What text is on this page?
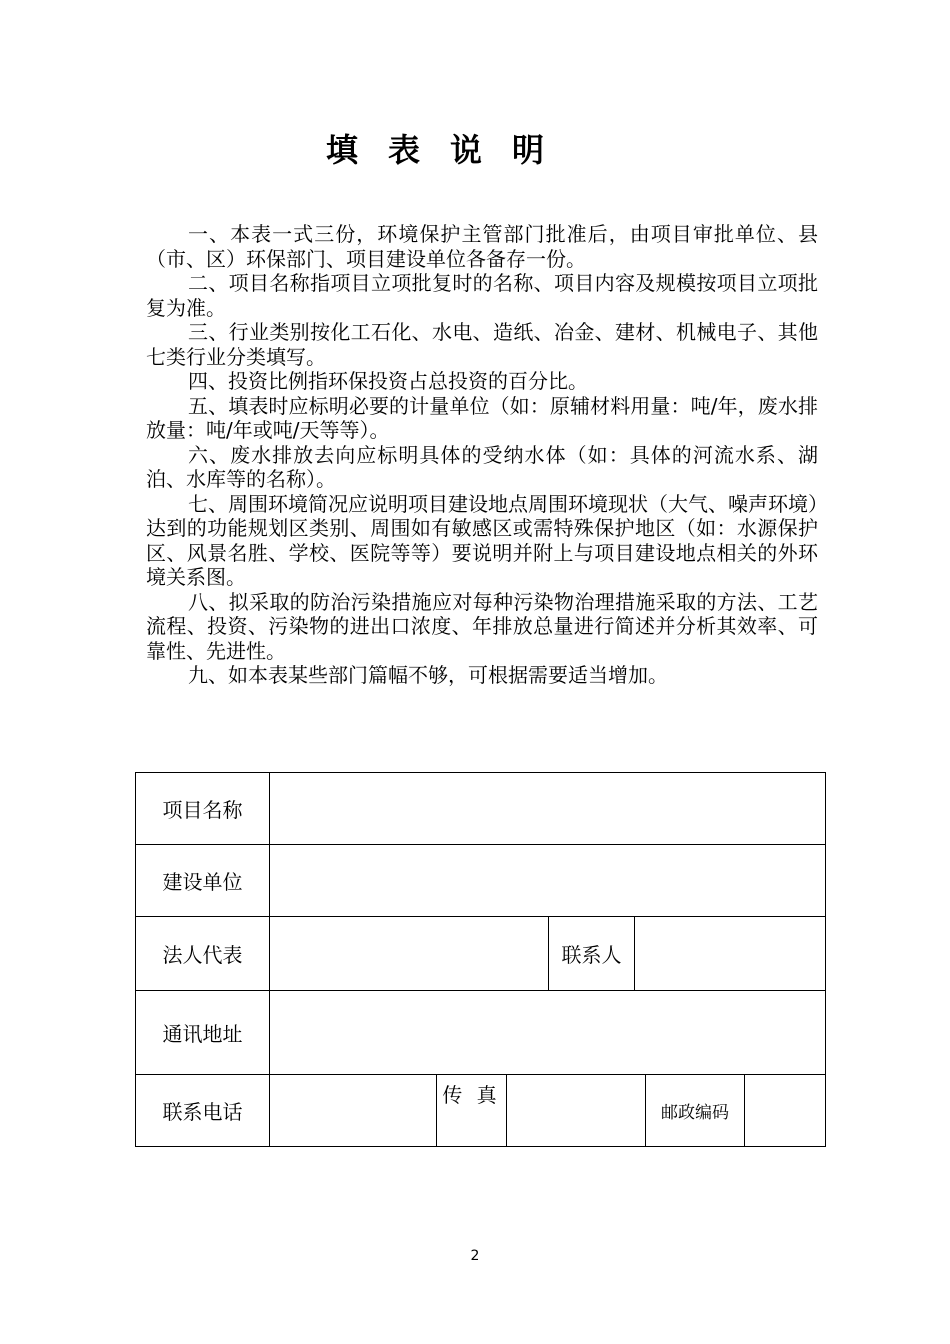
填表说明

一、本表一式三份，环境保护主管部门批准后，由项目审批单位、县（市、区）环保部门、项目建设单位各备存一份。

二、项目名称指项目立项批复时的名称、项目内容及规模按项目立项批复为准。

三、行业类别按化工石化、水电、造纸、冶金、建材、机械电子、其他七类行业分类填写。

四、投资比例指环保投资占总投资的百分比。

五、填表时应标明必要的计量单位（如：原辅材料用量：吨/年，废水排放量：吨/年或吨/天等等）。

六、废水排放去向应标明具体的受纳水体（如：具体的河流水系、湖泊、水库等的名称）。

七、周围环境简况应说明项目建设地点周围环境现状（大气、噪声环境）达到的功能规划区类别、周围如有敏感区或需特殊保护地区（如：水源保护区、风景名胜、学校、医院等等）要说明并附上与项目建设地点相关的外环境关系图。

八、拟采取的防治污染措施应对每种污染物治理措施采取的方法、工艺流程、投资、污染物的进出口浓度、年排放总量进行简述并分析其效率、可靠性、先进性。

九、如本表某些部门篇幅不够，可根据需要适当增加。

项目名称							
建设单位							
法人代表				联系人			
通讯地址							
联系电话		传 真				邮政编码	
2
